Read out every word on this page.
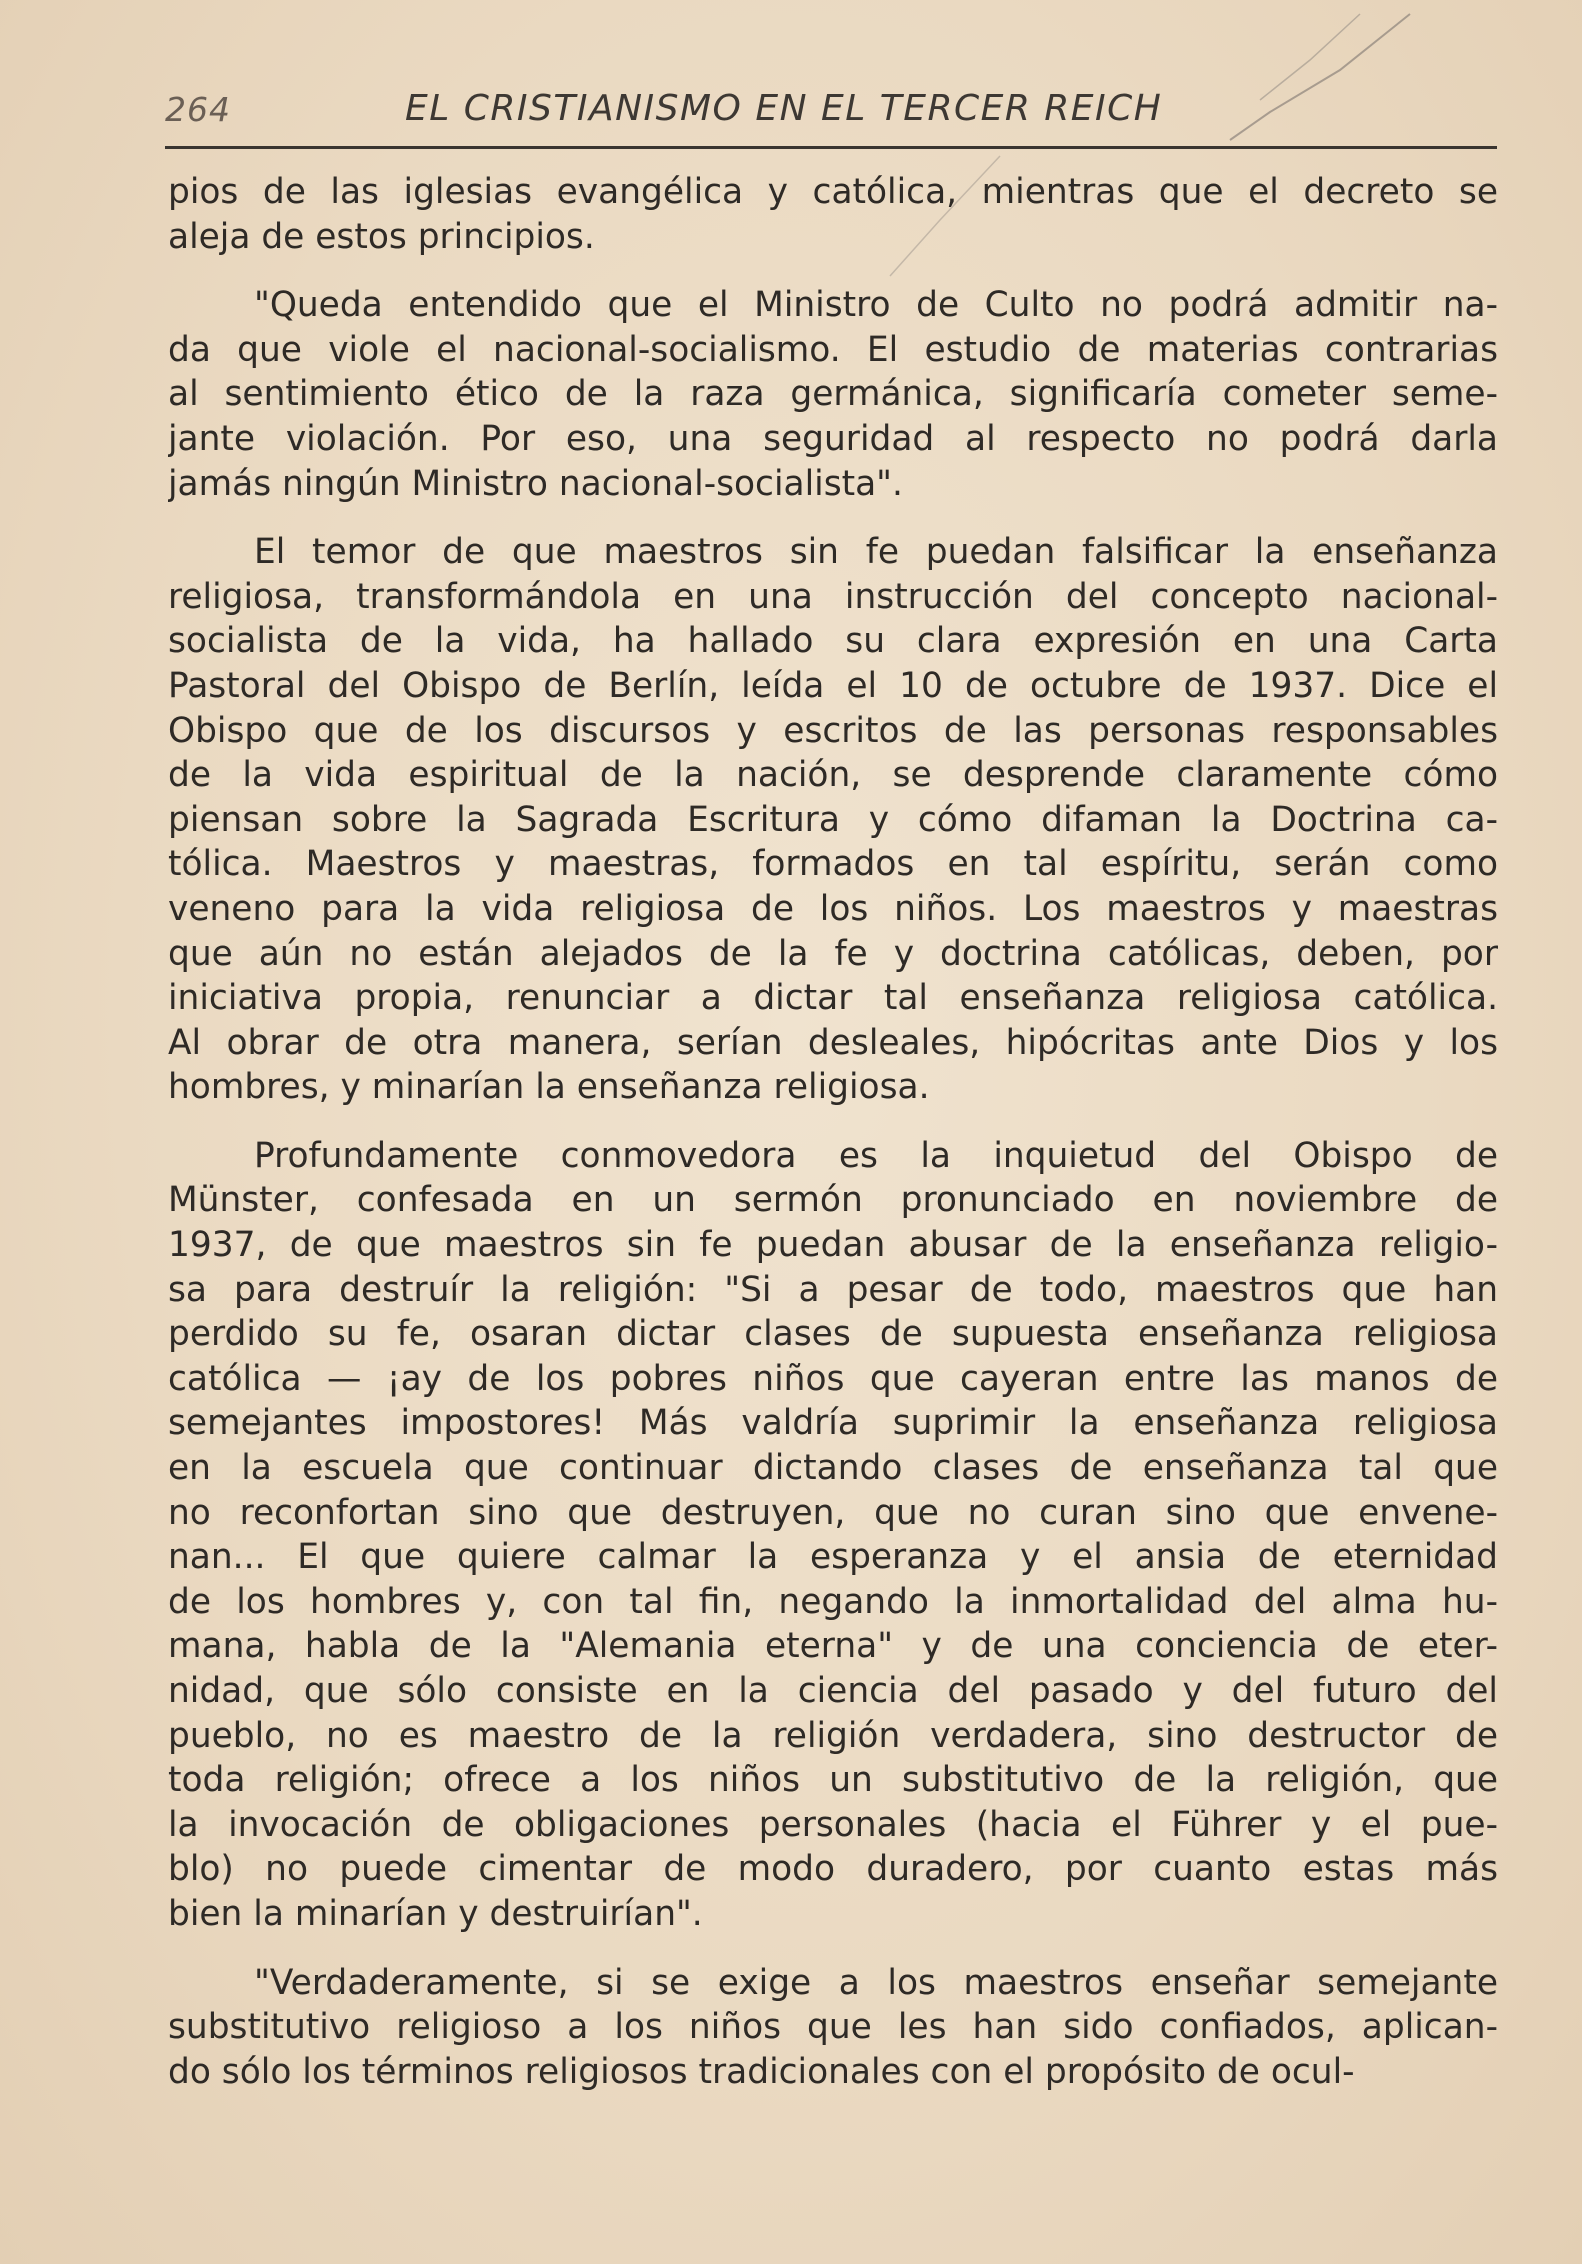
264	EL CRISTIANISMO EN EL TERCER REICH
pios de las iglesias evangélica y católica, mientras que el decreto se
aleja de estos principios.
"Queda entendido que el Ministro de Culto no podrá admitir na-
da que viole el nacional-socialismo. El estudio de materias contrarias
al sentimiento ético de la raza germánica, significaría cometer seme-
jante violación. Por eso, una seguridad al respecto no podrá darla
jamás ningún Ministro nacional-socialista".
El temor de que maestros sin fe puedan falsificar la enseñanza
religiosa, transformándola en una instrucción del concepto nacional-
socialista de la vida, ha hallado su clara expresión en una Carta
Pastoral del Obispo de Berlín, leída el 10 de octubre de 1937. Dice el
Obispo que de los discursos y escritos de las personas responsables
de la vida espiritual de la nación, se desprende claramente cómo
piensan sobre la Sagrada Escritura y cómo difaman la Doctrina ca-
tólica. Maestros y maestras, formados en tal espíritu, serán como
veneno para la vida religiosa de los niños. Los maestros y maestras
que aún no están alejados de la fe y doctrina católicas, deben, por
iniciativa propia, renunciar a dictar tal enseñanza religiosa católica.
Al obrar de otra manera, serían desleales, hipócritas ante Dios y los
hombres, y minarían la enseñanza religiosa.
Profundamente conmovedora es la inquietud del Obispo de
Münster, confesada en un sermón pronunciado en noviembre de
1937, de que maestros sin fe puedan abusar de la enseñanza religio-
sa para destruír la religión: "Si a pesar de todo, maestros que han
perdido su fe, osaran dictar clases de supuesta enseñanza religiosa
católica — ¡ay de los pobres niños que cayeran entre las manos de
semejantes impostores! Más valdría suprimir la enseñanza religiosa
en la escuela que continuar dictando clases de enseñanza tal que
no reconfortan sino que destruyen, que no curan sino que envene-
nan... El que quiere calmar la esperanza y el ansia de eternidad
de los hombres y, con tal fin, negando la inmortalidad del alma hu-
mana, habla de la "Alemania eterna" y de una conciencia de eter-
nidad, que sólo consiste en la ciencia del pasado y del futuro del
pueblo, no es maestro de la religión verdadera, sino destructor de
toda religión; ofrece a los niños un substitutivo de la religión, que
la invocación de obligaciones personales (hacia el Führer y el pue-
blo) no puede cimentar de modo duradero, por cuanto estas más
bien la minarían y destruirían".
"Verdaderamente, si se exige a los maestros enseñar semejante
substitutivo religioso a los niños que les han sido confiados, aplican-
do sólo los términos religiosos tradicionales con el propósito de ocul-
